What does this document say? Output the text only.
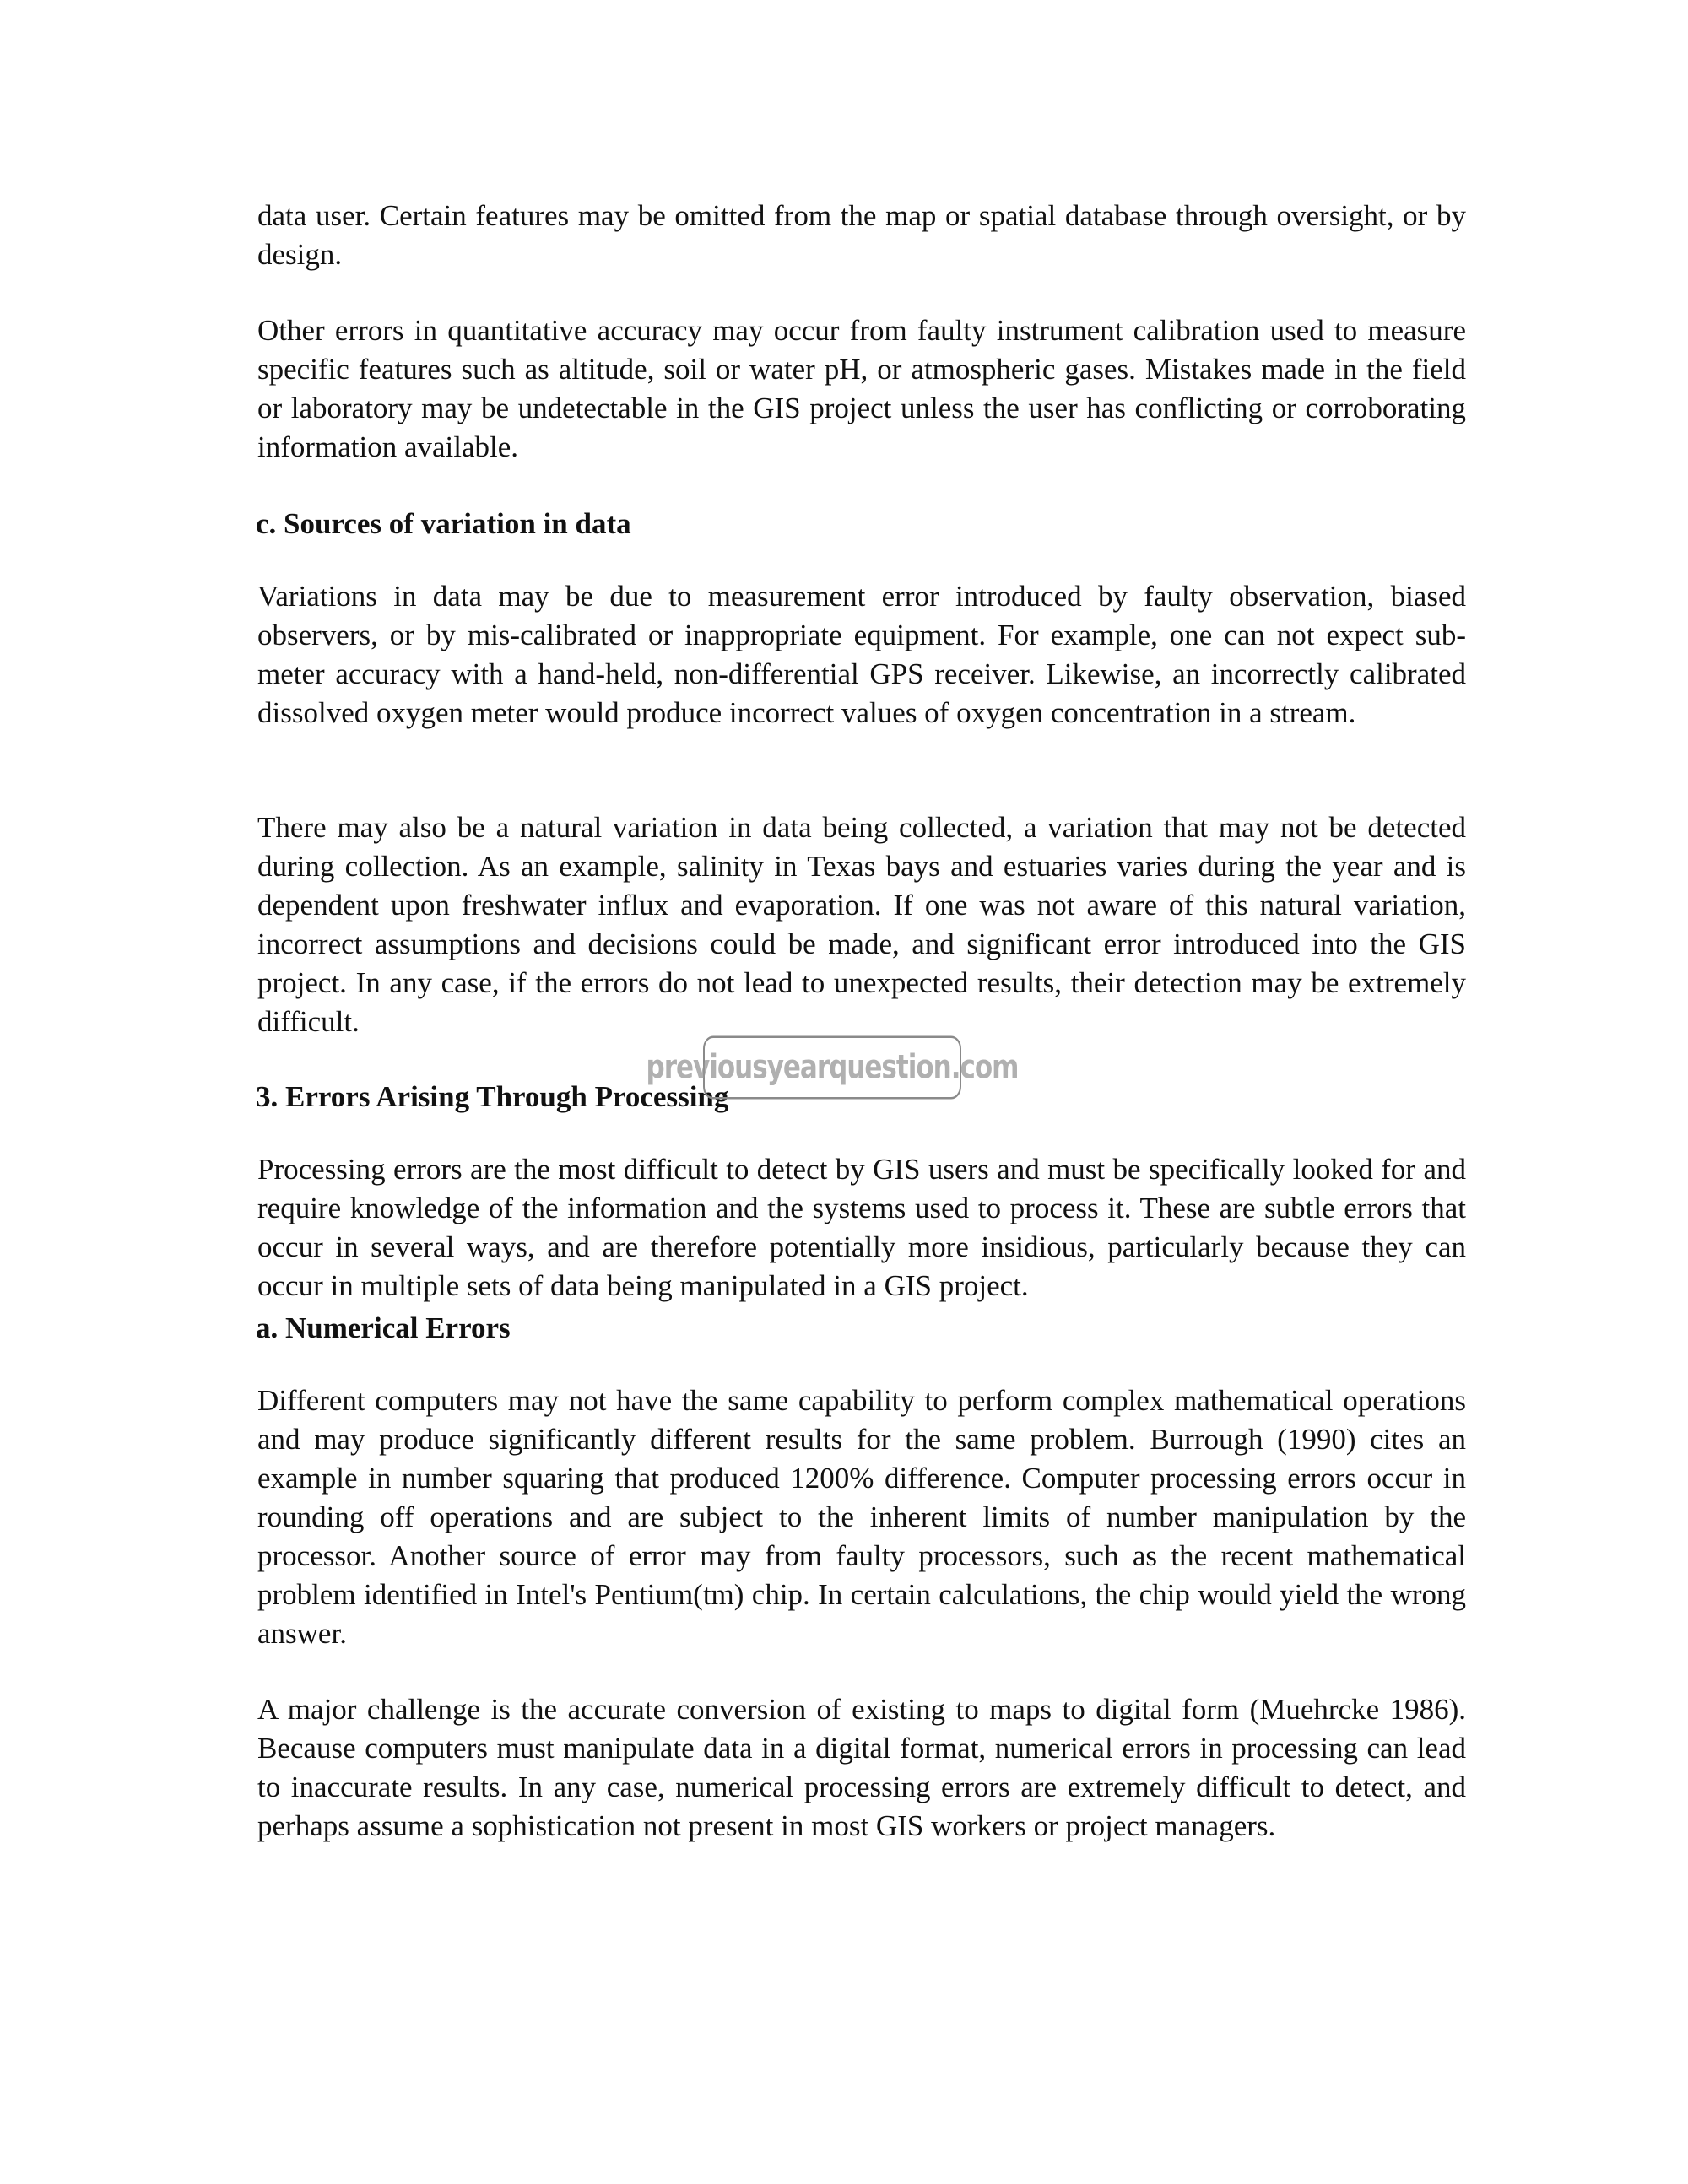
data user. Certain features may be omitted from the map or spatial database through oversight, or by design.

Other errors in quantitative accuracy may occur from faulty instrument calibration used to measure specific features such as altitude, soil or water pH, or atmospheric gases. Mistakes made in the field or laboratory may be undetectable in the GIS project unless the user has conflicting or corroborating information available.

c. Sources of variation in data

Variations in data may be due to measurement error introduced by faulty observation, biased observers, or by mis-calibrated or inappropriate equipment. For example, one can not expect sub-meter accuracy with a hand-held, non-differential GPS receiver. Likewise, an incorrectly calibrated dissolved oxygen meter would produce incorrect values of oxygen concentration in a stream.

There may also be a natural variation in data being collected, a variation that may not be detected during collection. As an example, salinity in Texas bays and estuaries varies during the year and is dependent upon freshwater influx and evaporation. If one was not aware of this natural variation, incorrect assumptions and decisions could be made, and significant error introduced into the GIS project. In any case, if the errors do not lead to unexpected results, their detection may be extremely difficult.

3. Errors Arising Through Processing

Processing errors are the most difficult to detect by GIS users and must be specifically looked for and require knowledge of the information and the systems used to process it. These are subtle errors that occur in several ways, and are therefore potentially more insidious, particularly because they can occur in multiple sets of data being manipulated in a GIS project.

a. Numerical Errors

Different computers may not have the same capability to perform complex mathematical operations and may produce significantly different results for the same problem. Burrough (1990) cites an example in number squaring that produced 1200% difference. Computer processing errors occur in rounding off operations and are subject to the inherent limits of number manipulation by the processor. Another source of error may from faulty processors, such as the recent mathematical problem identified in Intel's Pentium(tm) chip. In certain calculations, the chip would yield the wrong answer.

A major challenge is the accurate conversion of existing to maps to digital form (Muehrcke 1986). Because computers must manipulate data in a digital format, numerical errors in processing can lead to inaccurate results. In any case, numerical processing errors are extremely difficult to detect, and perhaps assume a sophistication not present in most GIS workers or project managers.

previousyearquestion.com
